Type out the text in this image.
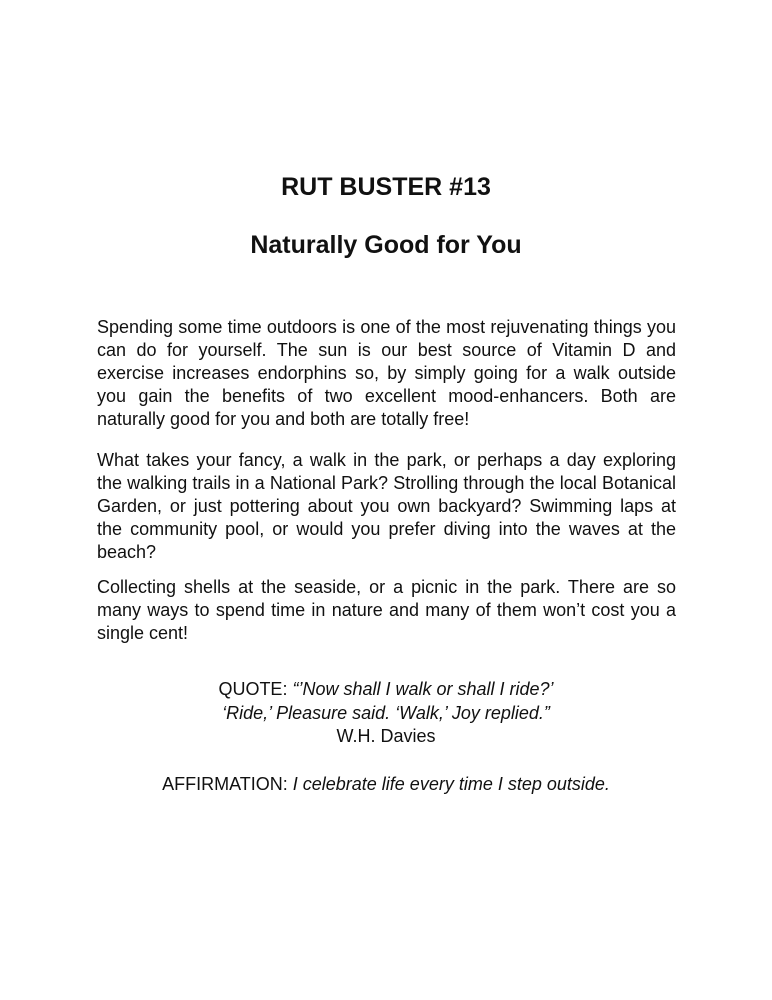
RUT BUSTER #13
Naturally Good for You

Spending some time outdoors is one of the most rejuvenating things you can do for yourself. The sun is our best source of Vitamin D and exercise increases endorphins so, by simply going for a walk outside you gain the benefits of two excellent mood-enhancers. Both are naturally good for you and both are totally free!

What takes your fancy, a walk in the park, or perhaps a day exploring the walking trails in a National Park? Strolling through the local Botanical Garden, or just pottering about you own backyard? Swimming laps at the community pool, or would you prefer diving into the waves at the beach?

Collecting shells at the seaside, or a picnic in the park. There are so many ways to spend time in nature and many of them won’t cost you a single cent!

QUOTE: “’Now shall I walk or shall I ride?’

‘Ride,’ Pleasure said. ‘Walk,’ Joy replied.”

W.H. Davies

AFFIRMATION: I celebrate life every time I step outside.
